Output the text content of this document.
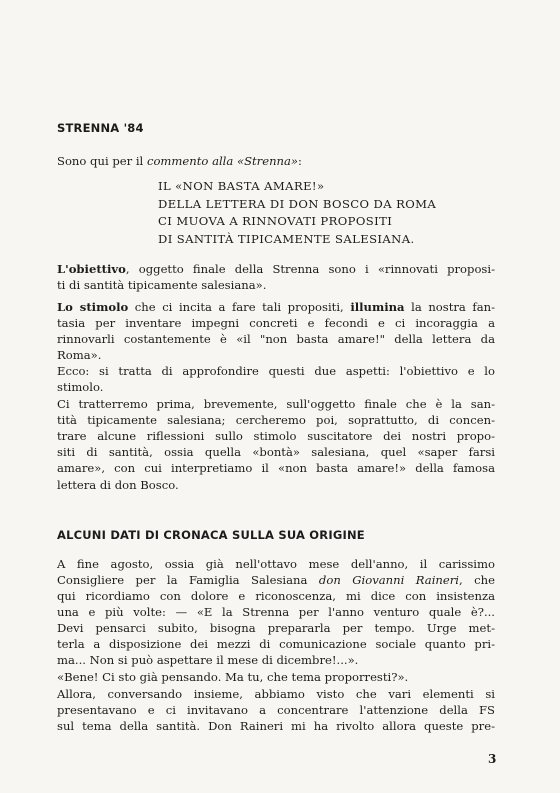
STRENNA '84
Sono qui per il commento alla «Strenna»:
IL «NON BASTA AMARE!»
DELLA LETTERA DI DON BOSCO DA ROMA
CI MUOVA A RINNOVATI PROPOSITI
DI SANTITÀ TIPICAMENTE SALESIANA.
L'obiettivo, oggetto finale della Strenna sono i «rinnovati proposi-
ti di santità tipicamente salesiana».
Lo stimolo che ci incita a fare tali propositi, illumina la nostra fan-
tasia per inventare impegni concreti e fecondi e ci incoraggia a
rinnovarli costantemente è «il "non basta amare!" della lettera da
Roma».
Ecco: si tratta di approfondire questi due aspetti: l'obiettivo e lo
stimolo.
Ci tratterremo prima, brevemente, sull'oggetto finale che è la san-
tità tipicamente salesiana; cercheremo poi, soprattutto, di concen-
trare alcune riflessioni sullo stimolo suscitatore dei nostri propo-
siti di santità, ossia quella «bontà» salesiana, quel «saper farsi
amare», con cui interpretiamo il «non basta amare!» della famosa
lettera di don Bosco.
ALCUNI DATI DI CRONACA SULLA SUA ORIGINE
A fine agosto, ossia già nell'ottavo mese dell'anno, il carissimo
Consigliere per la Famiglia Salesiana don Giovanni Raineri, che
qui ricordiamo con dolore e riconoscenza, mi dice con insistenza
una e più volte: — «E la Strenna per l'anno venturo quale è?...
Devi pensarci subito, bisogna prepararla per tempo. Urge met-
terla a disposizione dei mezzi di comunicazione sociale quanto pri-
ma... Non si può aspettare il mese di dicembre!...».
«Bene! Ci sto già pensando. Ma tu, che tema proporresti?».
Allora, conversando insieme, abbiamo visto che vari elementi si
presentavano e ci invitavano a concentrare l'attenzione della FS
sul tema della santità. Don Raineri mi ha rivolto allora queste pre-
3
